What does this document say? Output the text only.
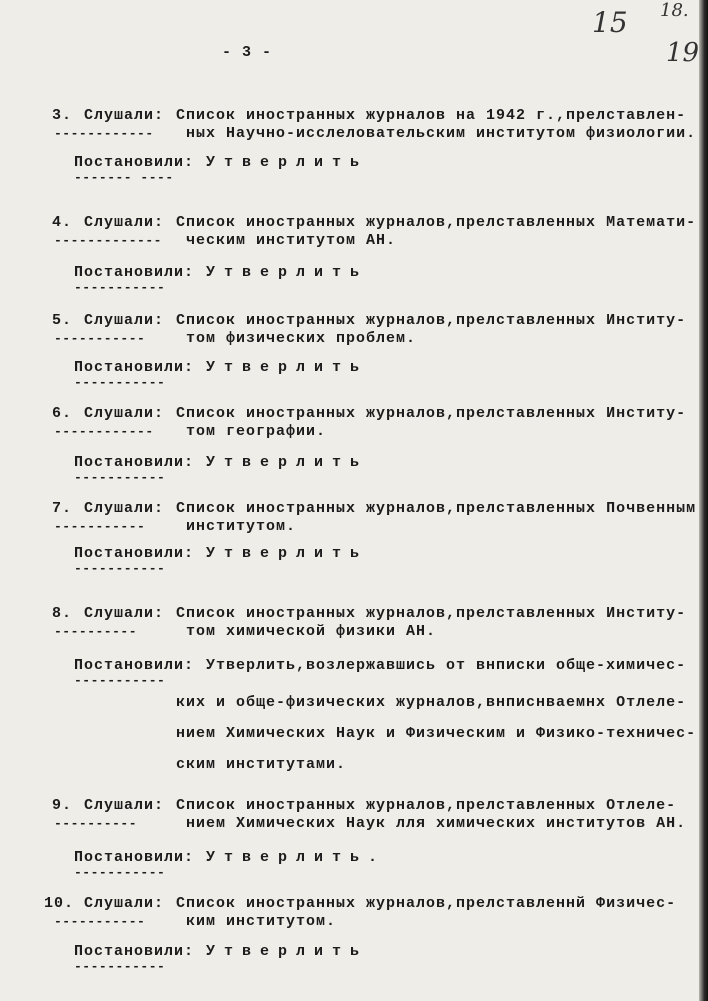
- 3 -
15 18.
19
3. Слушали: Список иностранных журналов на 1942 г.,прелставлен-
------------ ных Научно-исслеловательским институтом физиологии.
Постановили: Утверлить
------- ----
4. Слушали: Список иностранных журналов,прелставленных Математи-
------------- ческим институтом АН.
Постановили: Утверлить
-----------
5. Слушали: Список иностранных журналов,прелставленных Институ-
-----------	том физических проблем.
Постановили: Утверлить
-----------
6. Слушали: Список иностранных журналов,прелставленных Институ-
------------ том географии.
Постановили: Утверлить
-----------
7. Слушали: Список иностранных журналов,прелставленных Почвенным
-----------	институтом.
Постановили: Утверлить
-----------
8. Слушали: Список иностранных журналов,прелставленных Институ-
----------	том химической физики АН.
Постановили: Утверлить,возлержавшись от внписки обще-химичес-
-----------
ких и обще-физических журналов,внписнваемнх Отлеле-
нием Химических Наук и Физическим и Физико-техничес-
ским институтами.
9. Слушали: Список иностранных журналов,прелставленных Отлеле-
----------	нием Химических Наук лля химических институтов АН.
Постановили: Утверлить.
-----------
10. Слушали: Список иностранных журналов,прелставленнй Физичес-
-----------	ким институтом.
Постановили: Утверлить
-----------
